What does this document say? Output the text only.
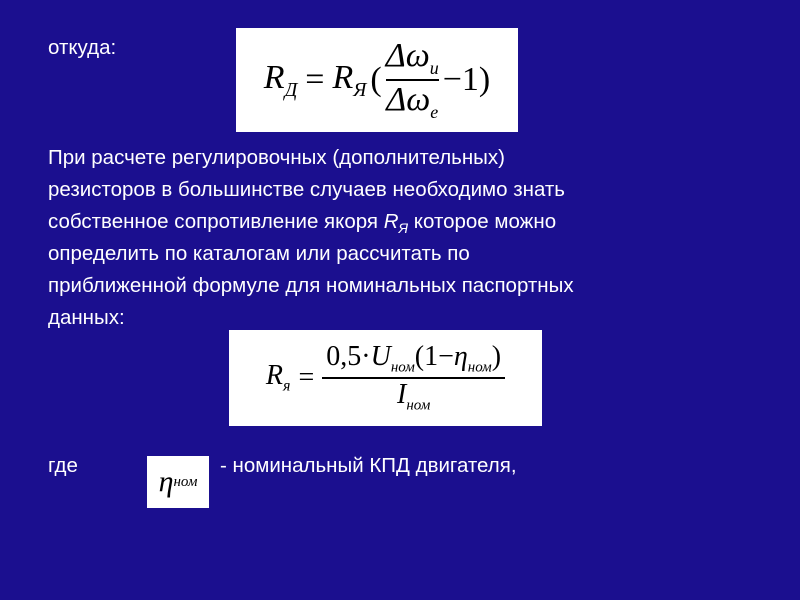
откуда:
$R_Д = R_Я$ ( $\frac{\Delta\omega_и}{\Delta\omega_е} -1$)
При расчете регулировочных (дополнительных)
резисторов в большинстве случаев необходимо знать
собственное сопротивление якоря $R_Я$ которое можно
определить по каталогам или рассчитать по
приближенной формуле для номинальных паспортных
данных:
$R_я = \frac{0,5\cdot U_{ном}(1-\eta_{ном})}{I_{ном}}$
где	η ном
- номинальный КПД двигателя,
